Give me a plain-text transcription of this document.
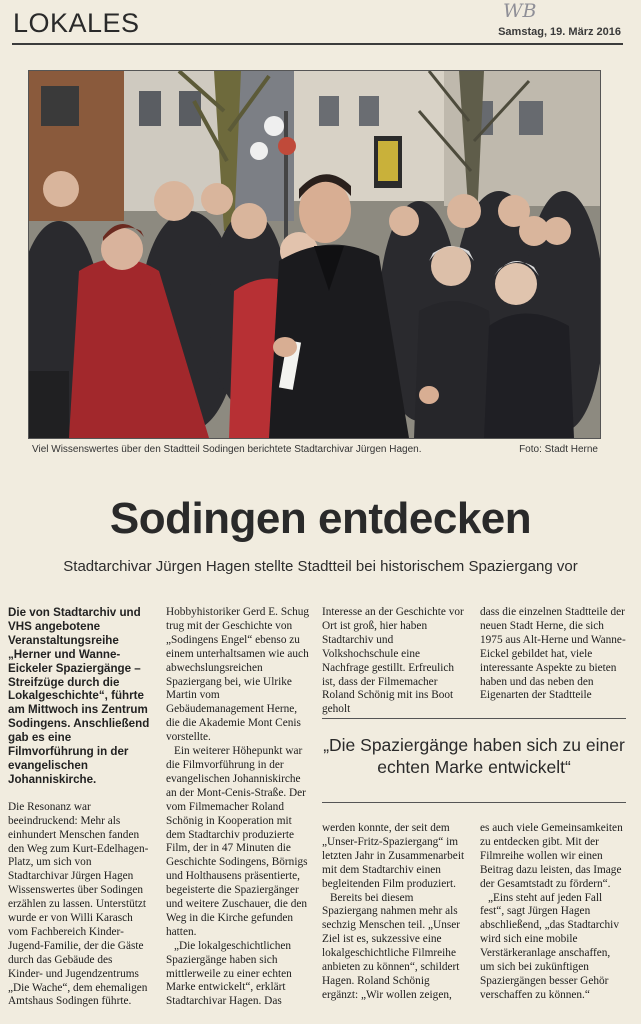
LOKALES
	WB
Samstag, 19. März 2016
Viel Wissenswertes über den Stadtteil Sodingen berichtete Stadtarchivar Jürgen Hagen.	Foto: Stadt Herne
Sodingen entdecken
Stadtarchivar Jürgen Hagen stellte Stadtteil bei historischem Spaziergang vor

Die von Stadtarchiv und VHS angebotene Veranstaltungsreihe „Herner und Wanne-Eickeler Spaziergänge – Streifzüge durch die Lokalgeschichte“, führte am Mittwoch ins Zentrum Sodingens. Anschließend gab es eine Filmvorführung in der evangelischen Johanniskirche.

Die Resonanz war beeindruckend: Mehr als einhundert Menschen fanden den Weg zum Kurt-Edelhagen-Platz, um sich von Stadtarchivar Jürgen Hagen Wissenswertes über Sodingen erzählen zu lassen. Unterstützt wurde er von Willi Karasch vom Fachbereich Kinder-Jugend-Familie, der die Gäste durch das Gebäude des Kinder- und Jugendzentrums „Die Wache“, dem ehemaligen Amtshaus Sodingen führte.

Hobbyhistoriker Gerd E. Schug trug mit der Geschichte von „Sodingens Engel“ ebenso zu einem unterhaltsamen wie auch abwechslungsreichen Spaziergang bei, wie Ulrike Martin vom Gebäudemanagement Herne, die die Akademie Mont Cenis vorstellte.

Ein weiterer Höhepunkt war die Filmvorführung in der evangelischen Johanniskirche an der Mont-Cenis-Straße. Der vom Filmemacher Roland Schönig in Kooperation mit dem Stadtarchiv produzierte Film, der in 47 Minuten die Geschichte Sodingens, Börnigs und Holthausens präsentierte, begeisterte die Spaziergänger und weitere Zuschauer, die den Weg in die Kirche gefunden hatten.

„Die lokalgeschichtlichen Spaziergänge haben sich mittlerweile zu einer echten Marke entwickelt“, erklärt Stadtarchivar Hagen. Das

Interesse an der Geschichte vor Ort ist groß, hier haben Stadtarchiv und Volkshochschule eine Nachfrage gestillt. Erfreulich ist, dass der Filmemacher Roland Schönig mit ins Boot geholt

dass die einzelnen Stadtteile der neuen Stadt Herne, die sich 1975 aus Alt-Herne und Wanne-Eickel gebildet hat, viele interessante Aspekte zu bieten haben und das neben den Eigenarten der Stadtteile

„Die Spaziergänge haben sich zu einer echten Marke entwickelt“

werden konnte, der seit dem „Unser-Fritz-Spaziergang“ im letzten Jahr in Zusammenarbeit mit dem Stadtarchiv einen begleitenden Film produziert.

Bereits bei diesem Spaziergang nahmen mehr als sechzig Menschen teil. „Unser Ziel ist es, sukzessive eine lokalgeschichtliche Filmreihe anbieten zu können“, schildert Hagen. Roland Schönig ergänzt: „Wir wollen zeigen,

es auch viele Gemeinsamkeiten zu entdecken gibt. Mit der Filmreihe wollen wir einen Beitrag dazu leisten, das Image der Gesamtstadt zu fördern“.

„Eins steht auf jeden Fall fest“, sagt Jürgen Hagen abschließend, „das Stadtarchiv wird sich eine mobile Verstärkeranlage anschaffen, um sich bei zukünftigen Spaziergängen besser Gehör verschaffen zu können.“
